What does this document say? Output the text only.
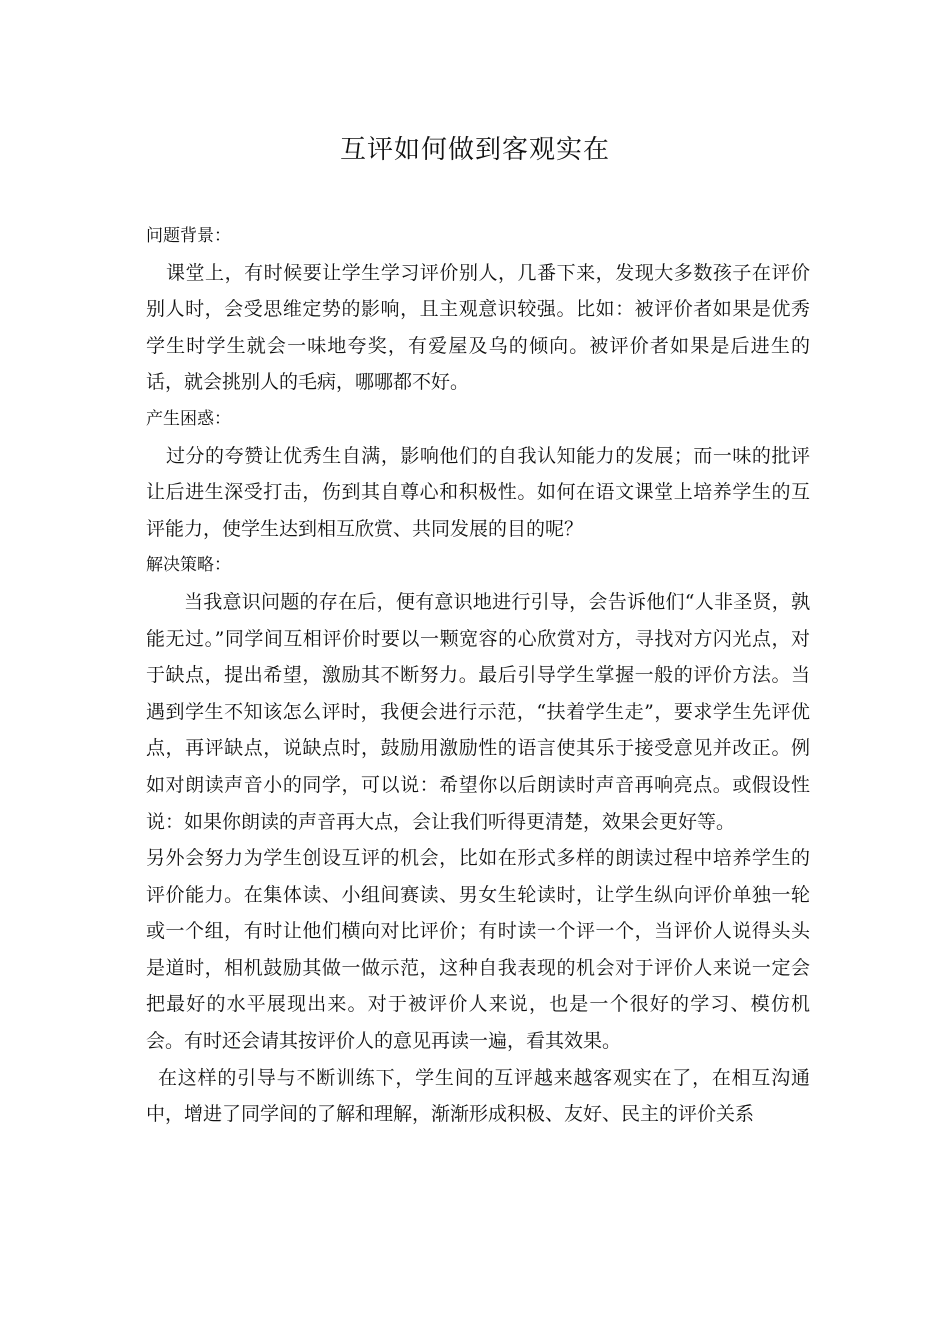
互评如何做到客观实在

问题背景：

课堂上，有时候要让学生学习评价别人，几番下来，发现大多数孩子在评价别人时，会受思维定势的影响，且主观意识较强。比如：被评价者如果是优秀学生时学生就会一味地夸奖，有爱屋及乌的倾向。被评价者如果是后进生的话，就会挑别人的毛病，哪哪都不好。

产生困惑：

过分的夸赞让优秀生自满，影响他们的自我认知能力的发展；而一味的批评让后进生深受打击，伤到其自尊心和积极性。如何在语文课堂上培养学生的互评能力，使学生达到相互欣赏、共同发展的目的呢？

解决策略：

当我意识问题的存在后，便有意识地进行引导，会告诉他们“人非圣贤，孰能无过。”同学间互相评价时要以一颗宽容的心欣赏对方，寻找对方闪光点，对于缺点，提出希望，激励其不断努力。最后引导学生掌握一般的评价方法。当遇到学生不知该怎么评时，我便会进行示范，“扶着学生走”，要求学生先评优点，再评缺点，说缺点时，鼓励用激励性的语言使其乐于接受意见并改正。例如对朗读声音小的同学，可以说：希望你以后朗读时声音再响亮点。或假设性说：如果你朗读的声音再大点，会让我们听得更清楚，效果会更好等。

另外会努力为学生创设互评的机会，比如在形式多样的朗读过程中培养学生的评价能力。在集体读、小组间赛读、男女生轮读时，让学生纵向评价单独一轮或一个组，有时让他们横向对比评价；有时读一个评一个，当评价人说得头头是道时，相机鼓励其做一做示范，这种自我表现的机会对于评价人来说一定会把最好的水平展现出来。对于被评价人来说，也是一个很好的学习、模仿机会。有时还会请其按评价人的意见再读一遍，看其效果。

在这样的引导与不断训练下，学生间的互评越来越客观实在了，在相互沟通中，增进了同学间的了解和理解，渐渐形成积极、友好、民主的评价关系
